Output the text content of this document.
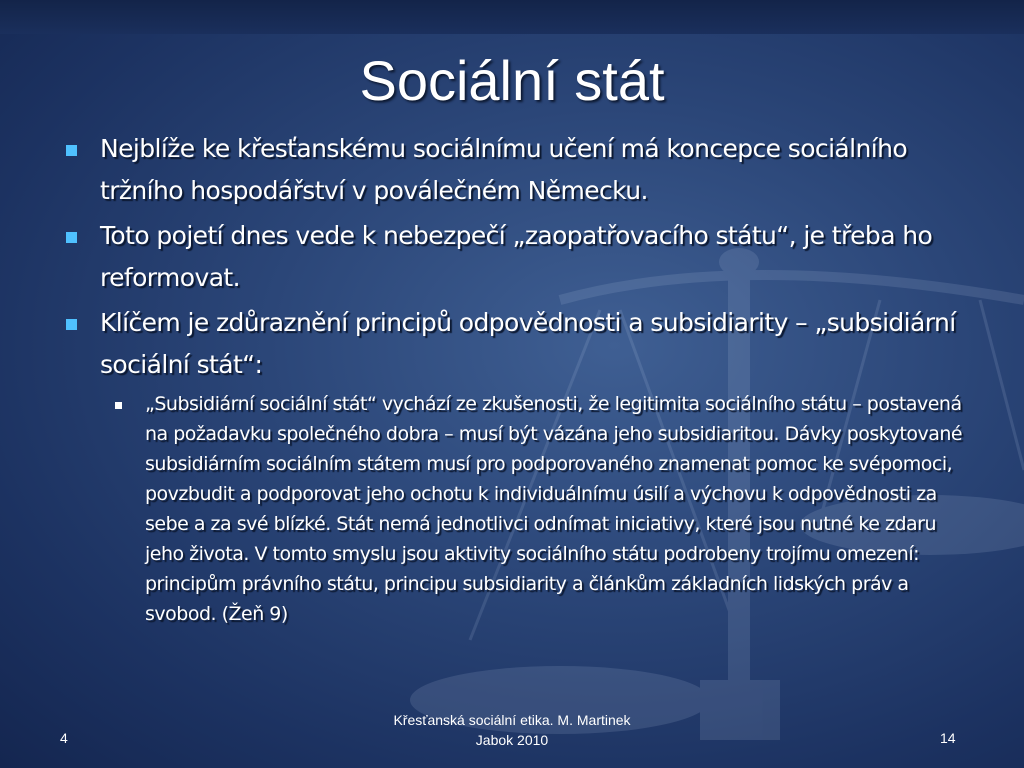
Sociální stát
Nejblíže ke křesťanskému sociálnímu učení má koncepce sociálního tržního hospodářství v poválečném Německu.
Toto pojetí dnes vede k nebezpečí „zaopatřovacího státu“, je třeba ho reformovat.
Klíčem je zdůraznění principů odpovědnosti a subsidiarity – „subsidiární sociální stát“:
„Subsidiární sociální stát“ vychází ze zkušenosti, že legitimita sociálního státu – postavená na požadavku společného dobra – musí být vázána jeho subsidiaritou. Dávky poskytované subsidiárním sociálním státem musí pro podporovaného znamenat pomoc ke svépomoci, povzbudit a podporovat jeho ochotu k individuálnímu úsilí a výchovu k odpovědnosti za sebe a za své blízké. Stát nemá jednotlivci odnímat iniciativy, které jsou nutné ke zdaru jeho života. V tomto smyslu jsou aktivity sociálního státu podrobeny trojímu omezení: principům právního státu, principu subsidiarity a článkům základních lidských práv a svobod. (Žeň 9)
4
Křesťanská sociální etika. M. Martinek
Jabok 2010	14
